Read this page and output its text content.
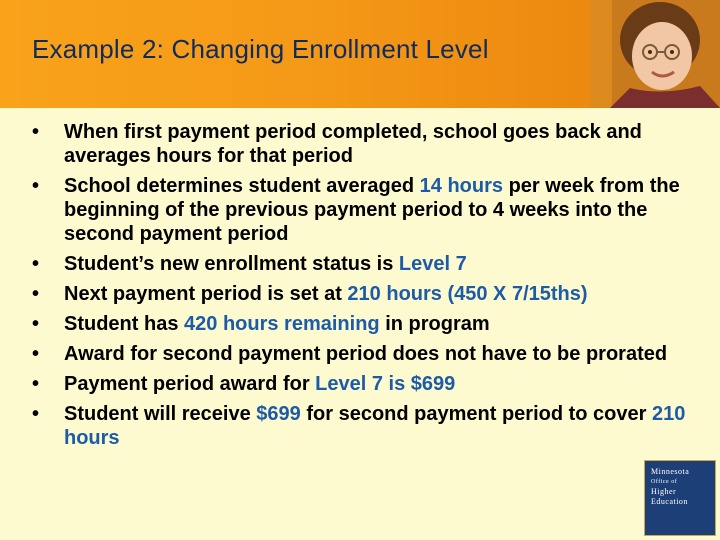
Example 2: Changing Enrollment Level
• When first payment period completed, school goes back and averages hours for that period
• School determines student averaged 14 hours per week from the beginning of the previous payment period to 4 weeks into the second payment period
• Student’s new enrollment status is Level 7
• Next payment period is set at 210 hours (450 X 7/15ths)
• Student has 420 hours remaining in program
• Award for second payment period does not have to be prorated
• Payment period award for Level 7 is $699
• Student will receive $699 for second payment period to cover 210 hours
Minnesota
Office of
Higher
Education
